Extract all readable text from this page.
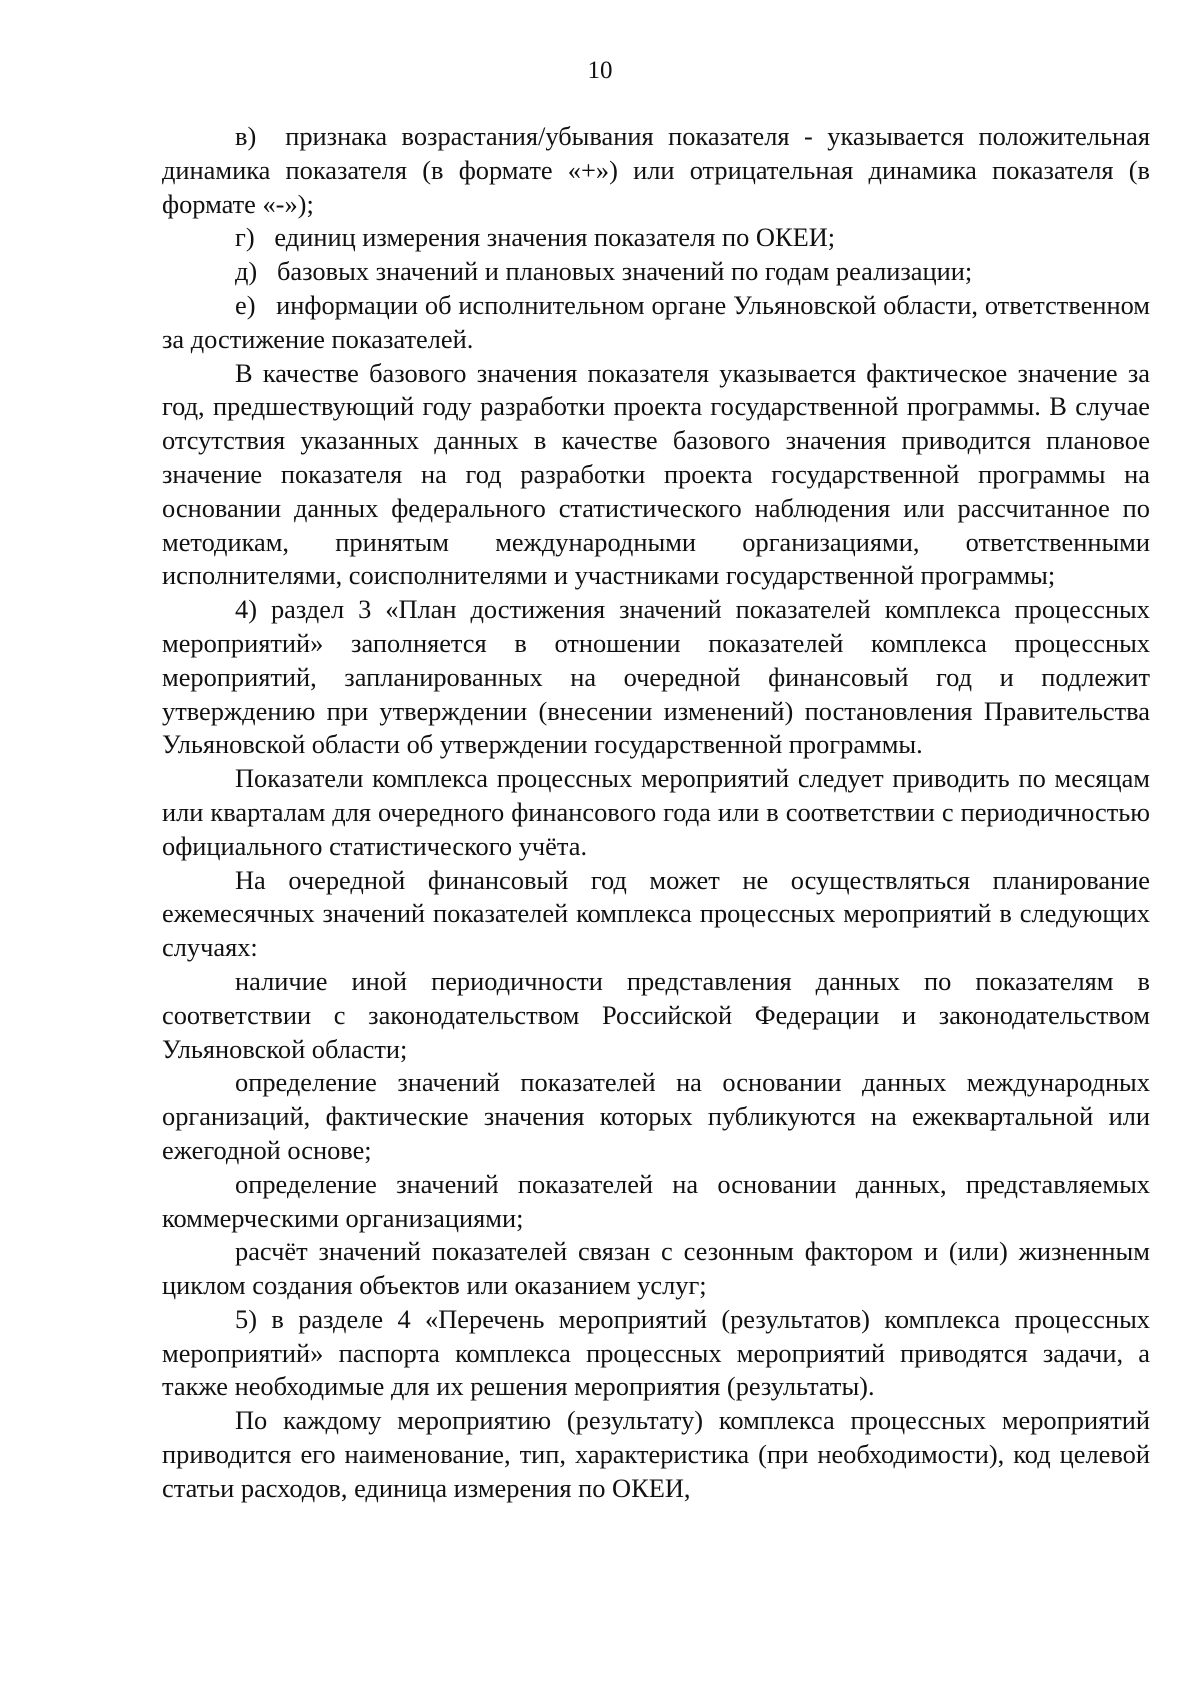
10

в)  признака возрастания/убывания показателя - указывается положительная динамика показателя (в формате «+») или отрицательная динамика показателя (в формате «-»);

г)   единиц измерения значения показателя по ОКЕИ;

д)   базовых значений и плановых значений по годам реализации;

е)   информации об исполнительном органе Ульяновской области, ответственном за достижение показателей.

В качестве базового значения показателя указывается фактическое значение за год, предшествующий году разработки проекта государственной программы. В случае отсутствия указанных данных в качестве базового значения приводится плановое значение показателя на год разработки проекта государственной программы на основании данных федерального статистического наблюдения или рассчитанное по методикам, принятым международными организациями, ответственными исполнителями, соисполнителями и участниками государственной программы;

4) раздел 3 «План достижения значений показателей комплекса процессных мероприятий» заполняется в отношении показателей комплекса процессных мероприятий, запланированных на очередной финансовый год и подлежит утверждению при утверждении (внесении изменений) постановления Правительства Ульяновской области об утверждении государственной программы.

Показатели комплекса процессных мероприятий следует приводить по месяцам или кварталам для очередного финансового года или в соответствии с периодичностью официального статистического учёта.

На очередной финансовый год может не осуществляться планирование ежемесячных значений показателей комплекса процессных мероприятий в следующих случаях:

наличие иной периодичности представления данных по показателям в соответствии с законодательством Российской Федерации и законодательством Ульяновской области;

определение значений показателей на основании данных международных организаций, фактические значения которых публикуются на ежеквартальной или ежегодной основе;

определение значений показателей на основании данных, представляемых коммерческими организациями;

расчёт значений показателей связан с сезонным фактором и (или) жизненным циклом создания объектов или оказанием услуг;

5) в разделе 4 «Перечень мероприятий (результатов) комплекса процессных мероприятий» паспорта комплекса процессных мероприятий приводятся задачи, а также необходимые для их решения мероприятия (результаты).

По каждому мероприятию (результату) комплекса процессных мероприятий приводится его наименование, тип, характеристика (при необходимости), код целевой статьи расходов, единица измерения по ОКЕИ,
